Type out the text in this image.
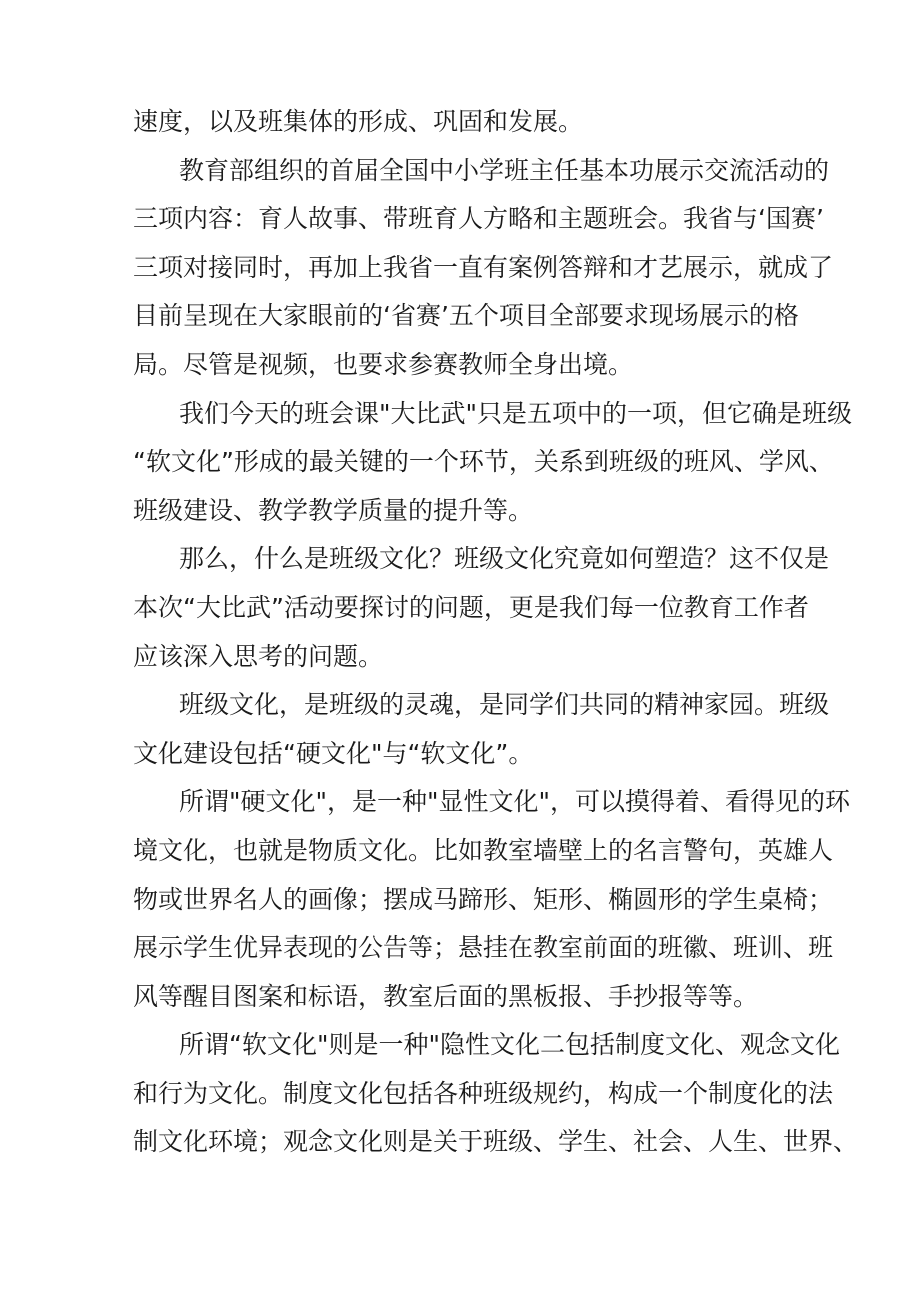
速度，以及班集体的形成、巩固和发展。
教育部组织的首届全国中小学班主任基本功展示交流活动的
三项内容：育人故事、带班育人方略和主题班会。我省与‘国赛’
三项对接同时，再加上我省一直有案例答辩和才艺展示，就成了
目前呈现在大家眼前的‘省赛’五个项目全部要求现场展示的格
局。尽管是视频，也要求参赛教师全身出境。
我们今天的班会课"大比武"只是五项中的一项，但它确是班级
“软文化”形成的最关键的一个环节，关系到班级的班风、学风、
班级建设、教学教学质量的提升等。
那么，什么是班级文化？班级文化究竟如何塑造？这不仅是
本次“大比武”活动要探讨的问题，更是我们每一位教育工作者
应该深入思考的问题。
班级文化，是班级的灵魂，是同学们共同的精神家园。班级
文化建设包括“硬文化"与“软文化”。
所谓"硬文化"，是一种"显性文化"，可以摸得着、看得见的环
境文化，也就是物质文化。比如教室墙壁上的名言警句，英雄人
物或世界名人的画像；摆成马蹄形、矩形、椭圆形的学生桌椅；
展示学生优异表现的公告等；悬挂在教室前面的班徽、班训、班
风等醒目图案和标语，教室后面的黑板报、手抄报等等。
所谓“软文化"则是一种"隐性文化二包括制度文化、观念文化
和行为文化。制度文化包括各种班级规约，构成一个制度化的法
制文化环境；观念文化则是关于班级、学生、社会、人生、世界、
